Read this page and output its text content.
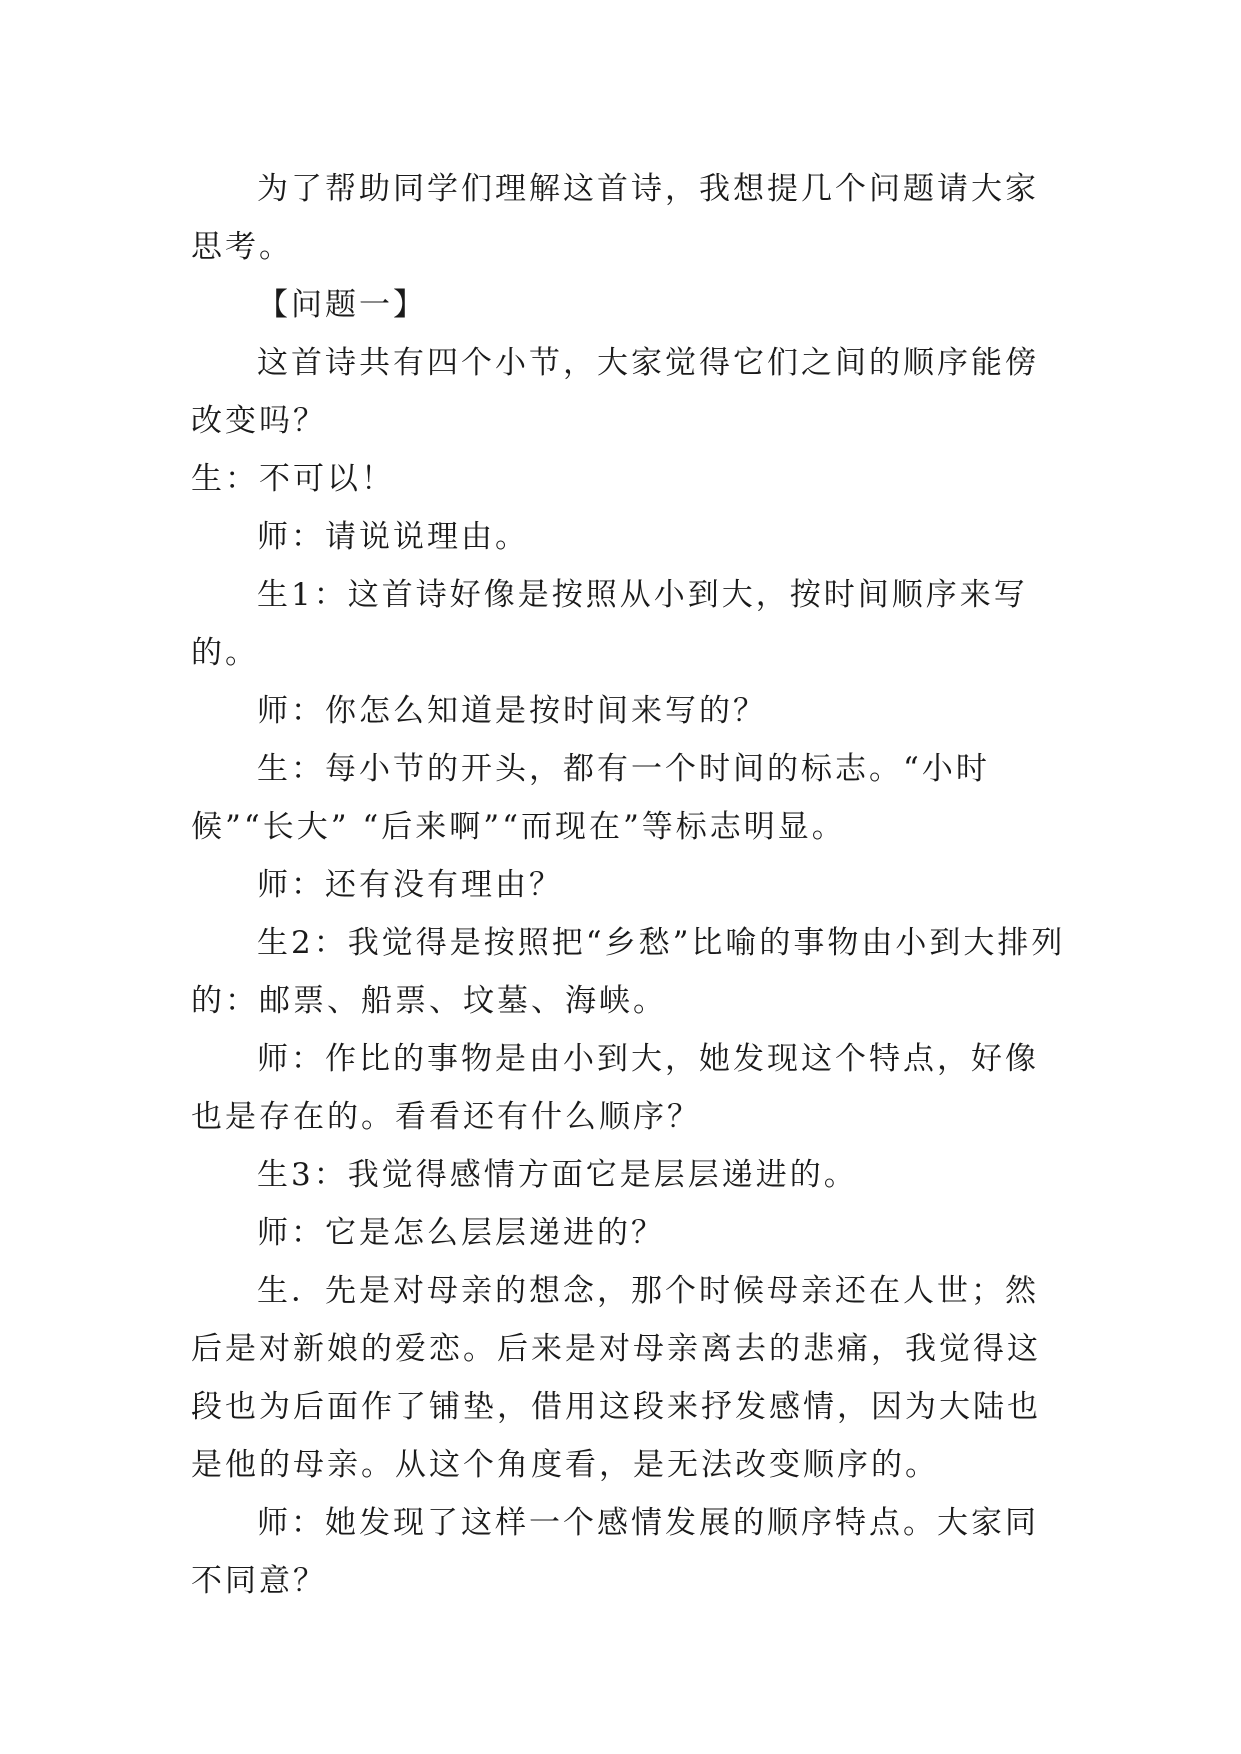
为了帮助同学们理解这首诗，我想提几个问题请大家思考。

【问题一】

这首诗共有四个小节，大家觉得它们之间的顺序能傍改变吗？

生：不可以！

师：请说说理由。

生1：这首诗好像是按照从小到大，按时间顺序来写的。

师：你怎么知道是按时间来写的？

生：每小节的开头，都有一个时间的标志。“小时候”“长大” “后来啊”“而现在”等标志明显。

师：还有没有理由？

生2：我觉得是按照把“乡愁”比喻的事物由小到大排列的：邮票、船票、坟墓、海峡。

师：作比的事物是由小到大，她发现这个特点，好像也是存在的。看看还有什么顺序？

生3：我觉得感情方面它是层层递进的。

师：它是怎么层层递进的？

生．先是对母亲的想念，那个时候母亲还在人世；然后是对新娘的爱恋。后来是对母亲离去的悲痛，我觉得这段也为后面作了铺垫，借用这段来抒发感情，因为大陆也是他的母亲。从这个角度看，是无法改变顺序的。

师：她发现了这样一个感情发展的顺序特点。大家同不同意？
